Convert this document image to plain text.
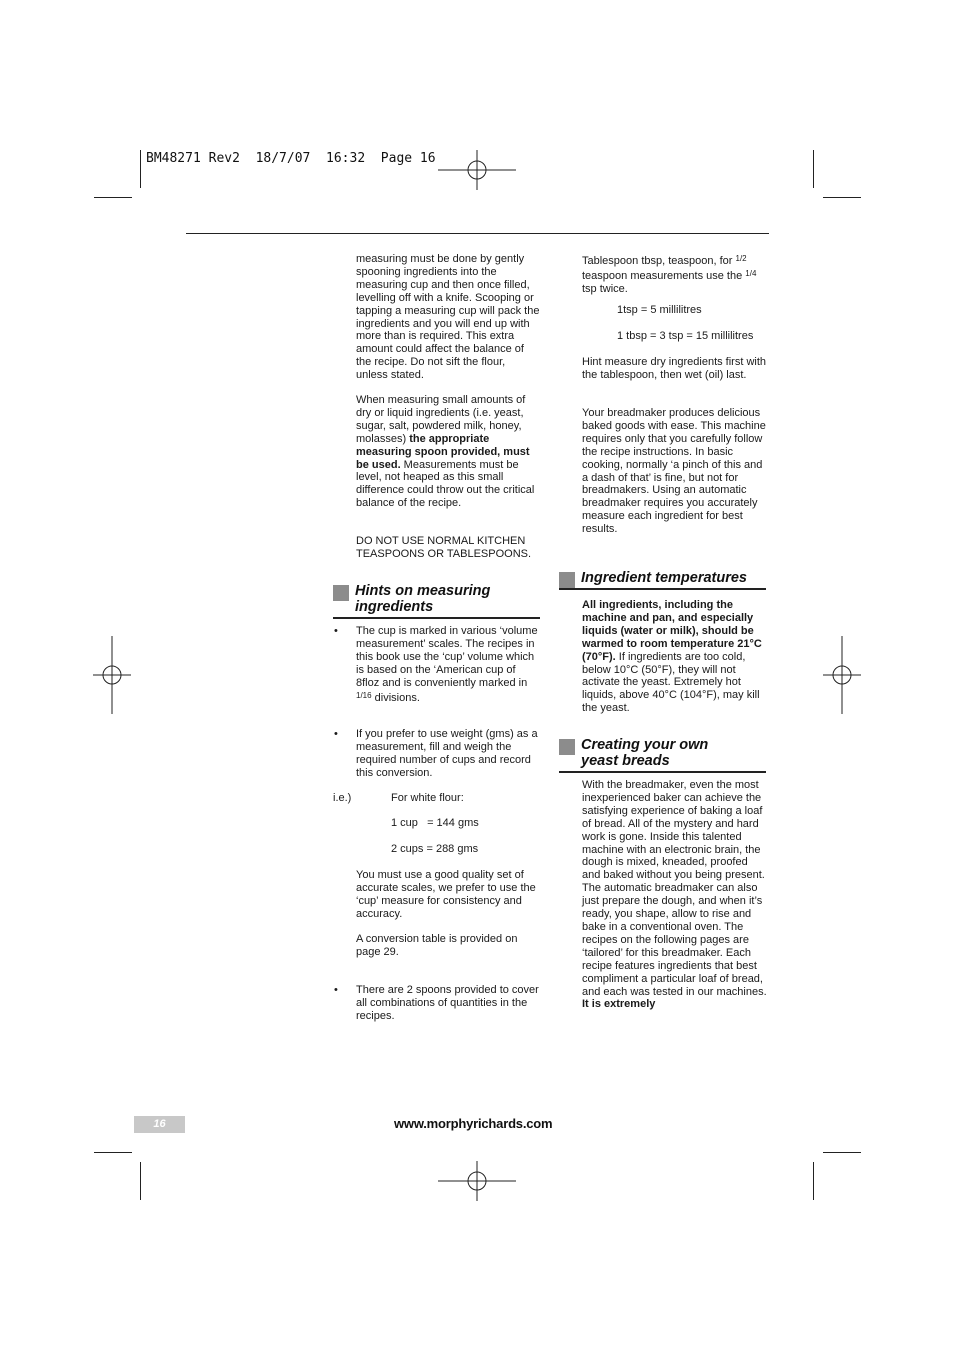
BM48271 Rev2  18/7/07  16:32  Page 16

measuring must be done by gently spooning ingredients into the measuring cup and then once filled, levelling off with a knife. Scooping or tapping a measuring cup will pack the ingredients and you will end up with more than is required. This extra amount could affect the balance of the recipe. Do not sift the flour, unless stated.

When measuring small amounts of dry or liquid ingredients (i.e. yeast, sugar, salt, powdered milk, honey, molasses) the appropriate measuring spoon provided, must be used. Measurements must be level, not heaped as this small difference could throw out the critical balance of the recipe.

DO NOT USE NORMAL KITCHEN TEASPOONS OR TABLESPOONS.

Hints on measuring
ingredients
• The cup is marked in various ‘volume measurement’ scales. The recipes in this book use the ‘cup’ volume which is based on the ‘American cup of 8floz and is conveniently marked in $^{1/16}$ divisions.

• If you prefer to use weight (gms) as a measurement, fill and weigh the required number of cups and record this conversion.

i.e.)	For white flour:
1 cup   = 144 gms
2 cups = 288 gms

You must use a good quality set of accurate scales, we prefer to use the ‘cup’ measure for consistency and accuracy.

A conversion table is provided on page 29.

• There are 2 spoons provided to cover all combinations of quantities in the recipes.

Tablespoon tbsp, teaspoon, for $^{1/2}$ teaspoon measurements use the $^{1/4}$ tsp twice.

1tsp = 5 millilitres
1 tbsp = 3 tsp = 15 millilitres

Hint measure dry ingredients first with the tablespoon, then wet (oil) last.

Your breadmaker produces delicious baked goods with ease. This machine requires only that you carefully follow the recipe instructions. In basic cooking, normally ‘a pinch of this and a dash of that’ is fine, but not for breadmakers. Using an automatic breadmaker requires you accurately measure each ingredient for best results.

Ingredient temperatures

All ingredients, including the machine and pan, and especially liquids (water or milk), should be warmed to room temperature 21°C (70°F). If ingredients are too cold, below 10°C (50°F), they will not activate the yeast. Extremely hot liquids, above 40°C (104°F), may kill the yeast.

Creating your own
yeast breads

With the breadmaker, even the most inexperienced baker can achieve the satisfying experience of baking a loaf of bread. All of the mystery and hard work is gone. Inside this talented machine with an electronic brain, the dough is mixed, kneaded, proofed and baked without you being present. The automatic breadmaker can also just prepare the dough, and when it’s ready, you shape, allow to rise and bake in a conventional oven. The recipes on the following pages are ‘tailored’ for this breadmaker. Each recipe features ingredients that best compliment a particular loaf of bread, and each was tested in our machines. It is extremely

16	www.morphyrichards.com
